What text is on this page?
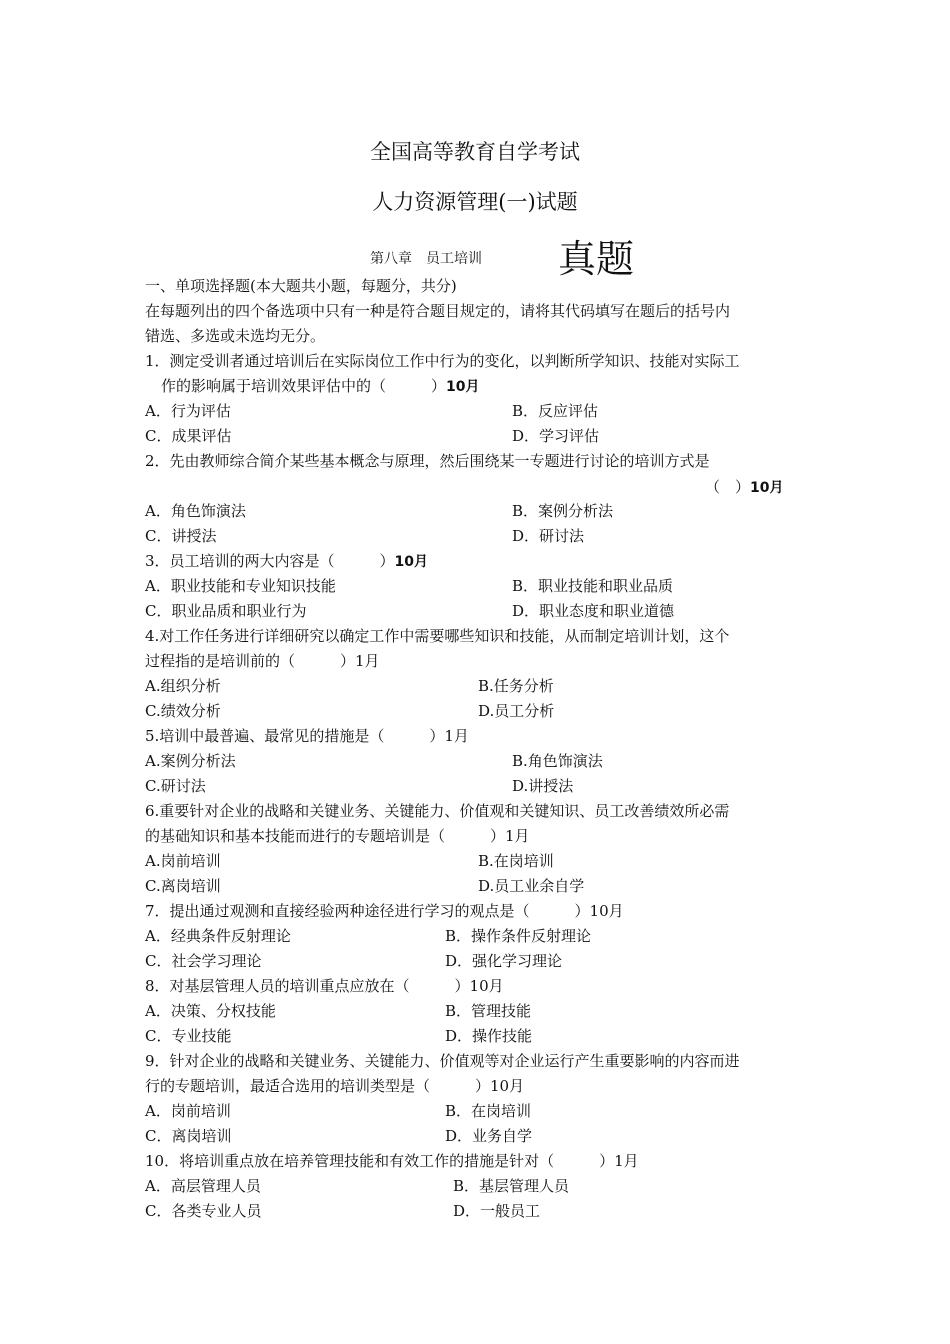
全国高等教育自学考试
人力资源管理(一)试题
第八章　员工培训 真题
一、单项选择题(本大题共小题，每题分，共分)
在每题列出的四个备选项中只有一种是符合题目规定的，请将其代码填写在题后的括号内
错选、多选或未选均无分。
1．测定受训者通过培训后在实际岗位工作中行为的变化，以判断所学知识、技能对实际工
作的影响属于培训效果评估中的（　　　）10月
A．行为评估	B．反应评估
C．成果评估	D．学习评估
2．先由教师综合简介某些基本概念与原理，然后围绕某一专题进行讨论的培训方式是
（　）10月
A．角色饰演法	B．案例分析法
C．讲授法	D．研讨法
3．员工培训的两大内容是（　　　）10月
A．职业技能和专业知识技能	B．职业技能和职业品质
C．职业品质和职业行为	D．职业态度和职业道德
4.对工作任务进行详细研究以确定工作中需要哪些知识和技能，从而制定培训计划，这个
过程指的是培训前的（　　　）1月
A.组织分析	B.任务分析
C.绩效分析	D.员工分析
5.培训中最普遍、最常见的措施是（　　　）1月
A.案例分析法	B.角色饰演法
C.研讨法	D.讲授法
6.重要针对企业的战略和关键业务、关键能力、价值观和关键知识、员工改善绩效所必需
的基础知识和基本技能而进行的专题培训是（　　　）1月
A.岗前培训	B.在岗培训
C.离岗培训	D.员工业余自学
7．提出通过观测和直接经验两种途径进行学习的观点是（　　　）10月
A．经典条件反射理论	B．操作条件反射理论
C．社会学习理论	D．强化学习理论
8．对基层管理人员的培训重点应放在（　　　）10月
A．决策、分权技能	B．管理技能
C．专业技能	D．操作技能
9．针对企业的战略和关键业务、关键能力、价值观等对企业运行产生重要影响的内容而进
行的专题培训，最适合选用的培训类型是（　　　）10月
A．岗前培训	B．在岗培训
C．离岗培训	D．业务自学
10．将培训重点放在培养管理技能和有效工作的措施是针对（　　　）1月
A．高层管理人员	B．基层管理人员
C．各类专业人员	D．一般员工
